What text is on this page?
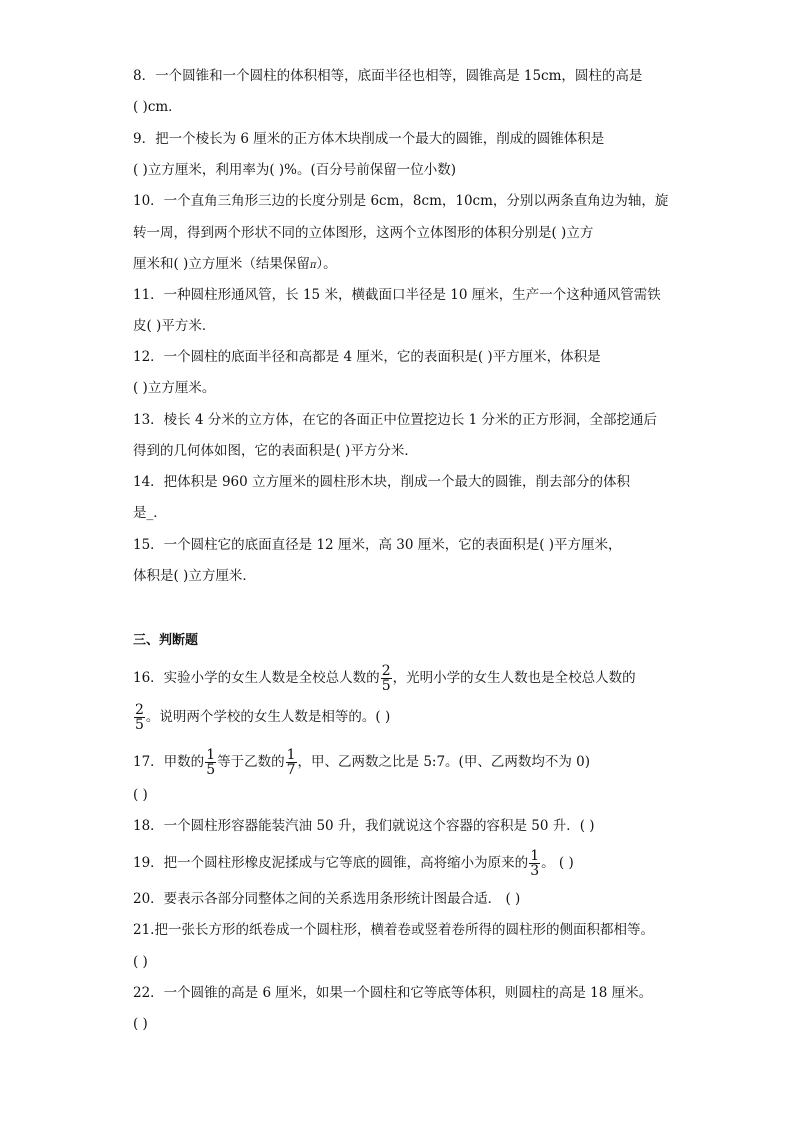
8．一个圆锥和一个圆柱的体积相等，底面半径也相等，圆锥高是 15cm，圆柱的高是
( )cm．
9．把一个棱长为 6 厘米的正方体木块削成一个最大的圆锥，削成的圆锥体积是
( )立方厘米，利用率为( )%。(百分号前保留一位小数)
10．一个直角三角形三边的长度分别是 6cm，8cm，10cm，分别以两条直角边为轴，旋
转一周，得到两个形状不同的立体图形，这两个立体图形的体积分别是( )立方
厘米和( )立方厘米（结果保留π）。
11．一种圆柱形通风管，长 15 米，横截面口半径是 10 厘米，生产一个这种通风管需铁
皮( )平方米．
12．一个圆柱的底面半径和高都是 4 厘米，它的表面积是( )平方厘米，体积是
( )立方厘米。
13．棱长 4 分米的立方体，在它的各面正中位置挖边长 1 分米的正方形洞，全部挖通后
得到的几何体如图，它的表面积是( )平方分米．
14．把体积是 960 立方厘米的圆柱形木块，削成一个最大的圆锥，削去部分的体积
是_．
15．一个圆柱它的底面直径是 12 厘米，高 30 厘米，它的表面积是( )平方厘米，
体积是( )立方厘米．
三、判断题
16．实验小学的女生人数是全校总人数的 $\frac{2}{5}$ ，光明小学的女生人数也是全校总人数的
$\frac{2}{5}$ 。说明两个学校的女生人数是相等的。( )
17．甲数的 $\frac{1}{5}$ 等于乙数的 $\frac{1}{7}$ ，甲、乙两数之比是 5:7。(甲、乙两数均不为 0)
( )
18．一个圆柱形容器能装汽油 50 升，我们就说这个容器的容积是 50 升．( )
19．把一个圆柱形橡皮泥揉成与它等底的圆锥，高将缩小为原来的 $\frac{1}{3}$ 。 ( )
20．要表示各部分同整体之间的关系选用条形统计图最合适． ( )
21.把一张长方形的纸卷成一个圆柱形，横着卷或竖着卷所得的圆柱形的侧面积都相等。
( )
22．一个圆锥的高是 6 厘米，如果一个圆柱和它等底等体积，则圆柱的高是 18 厘米。
( )
